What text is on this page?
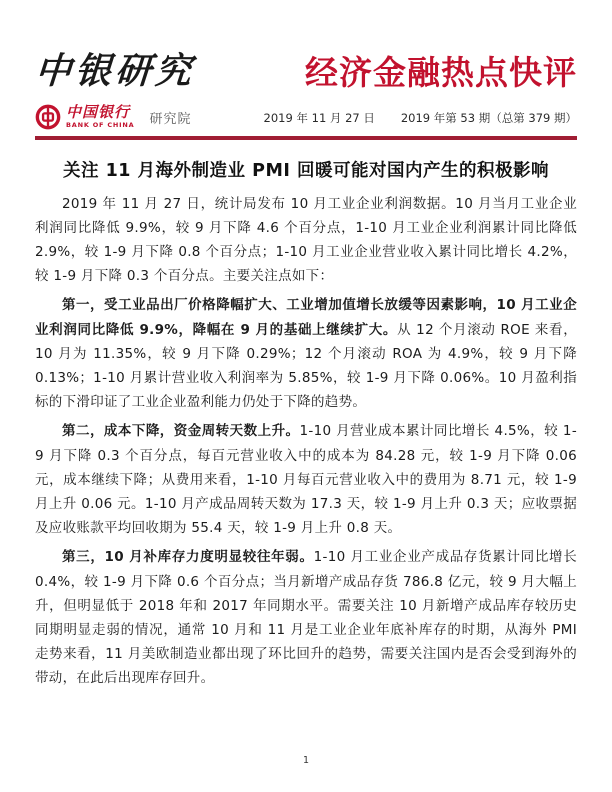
中银研究	经济金融热点快评
中国银行
BANK OF CHINA 研究院	2019 年 11 月 27 日 2019 年第 53 期（总第 379 期）
关注 11 月海外制造业 PMI 回暖可能对国内产生的积极影响

2019 年 11 月 27 日，统计局发布 10 月工业企业利润数据。10 月当月工业企业利润同比降低 9.9%，较 9 月下降 4.6 个百分点，1-10 月工业企业利润累计同比降低 2.9%，较 1-9 月下降 0.8 个百分点；1-10 月工业企业营业收入累计同比增长 4.2%，较 1-9 月下降 0.3 个百分点。主要关注点如下：

第一，受工业品出厂价格降幅扩大、工业增加值增长放缓等因素影响，10 月工业企业利润同比降低 9.9%，降幅在 9 月的基础上继续扩大。从 12 个月滚动 ROE 来看，10 月为 11.35%，较 9 月下降 0.29%；12 个月滚动 ROA 为 4.9%，较 9 月下降 0.13%；1-10 月累计营业收入利润率为 5.85%，较 1-9 月下降 0.06%。10 月盈利指标的下滑印证了工业企业盈利能力仍处于下降的趋势。

第二，成本下降，资金周转天数上升。1-10 月营业成本累计同比增长 4.5%，较 1-9 月下降 0.3 个百分点，每百元营业收入中的成本为 84.28 元，较 1-9 月下降 0.06 元，成本继续下降；从费用来看，1-10 月每百元营业收入中的费用为 8.71 元，较 1-9 月上升 0.06 元。1-10 月产成品周转天数为 17.3 天，较 1-9 月上升 0.3 天；应收票据及应收账款平均回收期为 55.4 天，较 1-9 月上升 0.8 天。

第三，10 月补库存力度明显较往年弱。1-10 月工业企业产成品存货累计同比增长 0.4%，较 1-9 月下降 0.6 个百分点；当月新增产成品存货 786.8 亿元，较 9 月大幅上升，但明显低于 2018 年和 2017 年同期水平。需要关注 10 月新增产成品库存较历史同期明显走弱的情况，通常 10 月和 11 月是工业企业年底补库存的时期，从海外 PMI 走势来看，11 月美欧制造业都出现了环比回升的趋势，需要关注国内是否会受到海外的带动，在此后出现库存回升。

1
